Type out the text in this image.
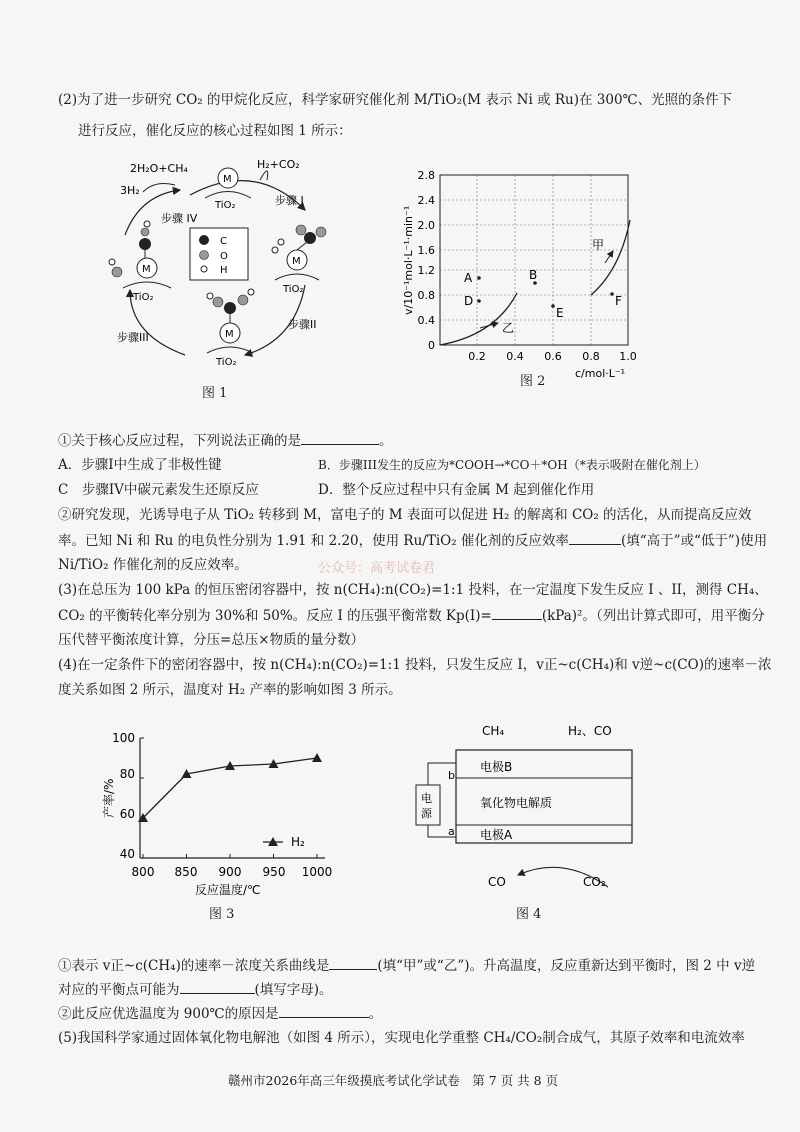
(2)为了进一步研究 CO₂ 的甲烷化反应，科学家研究催化剂 M/TiO₂(M 表示 Ni 或 Ru)在 300℃、光照的条件下
进行反应，催化反应的核心过程如图 1 所示：
2H₂O+CH₄
3H₂
H₂+CO₂
步骤 I
步骤II
步骤III
步骤 IV
M
TiO₂
M
TiO₂
M
TiO₂
M
TiO₂
C
O
H
图 1
0
0.4
0.8
1.2
1.6
2.0
2.4
2.8
0.2 0.4 0.6 0.8 1.0
c/mol·L⁻¹
v/10⁻¹mol·L⁻¹·min⁻¹	甲
乙
A	B
D
E
F
图 2
①关于核心反应过程，下列说法正确的是	。
A．步骤I中生成了非极性键	B．步骤III发生的反应为*COOH→*CO＋*OH（*表示吸附在催化剂上）
C　步骤IV中碳元素发生还原反应	D．整个反应过程中只有金属 M 起到催化作用
②研究发现，光诱导电子从 TiO₂ 转移到 M，富电子的 M 表面可以促进 H₂ 的解离和 CO₂ 的活化，从而提高反应效
率。已知 Ni 和 Ru 的电负性分别为 1.91 和 2.20，使用 Ru/TiO₂ 催化剂的反应效率	(填“高于”或“低于”)使用
Ni/TiO₂ 作催化剂的反应效率。	公众号：高考试卷君
(3)在总压为 100 kPa 的恒压密闭容器中，按 n(CH₄):n(CO₂)=1:1 投料，在一定温度下发生反应 I 、II，测得 CH₄、
CO₂ 的平衡转化率分别为 30%和 50%。反应 I 的压强平衡常数 Kp(I)=	(kPa)²。（列出计算式即可，用平衡分
压代替平衡浓度计算，分压=总压×物质的量分数）
(4)在一定条件下的密闭容器中，按 n(CH₄):n(CO₂)=1:1 投料，只发生反应 I，v正~c(CH₄)和 v逆~c(CO)的速率－浓
度关系如图 2 所示，温度对 H₂ 产率的影响如图 3 所示。
40
60
80
100
800 850 900 950 1000
反应温度/℃
产率/%
H₂
图 3
CH₄	H₂、CO
电极B
氧化物电解质
电极A
电
源
b
a
CO	CO₂
图 4
①表示 v正~c(CH₄)的速率－浓度关系曲线是	(填“甲”或“乙”)。升高温度，反应重新达到平衡时，图 2 中 v逆
对应的平衡点可能为	(填写字母)。
②此反应优选温度为 900℃的原因是	。
(5)我国科学家通过固体氧化物电解池（如图 4 所示），实现电化学重整 CH₄/CO₂制合成气，其原子效率和电流效率
赣州市2026年高三年级摸底考试化学试卷　第 7 页 共 8 页
